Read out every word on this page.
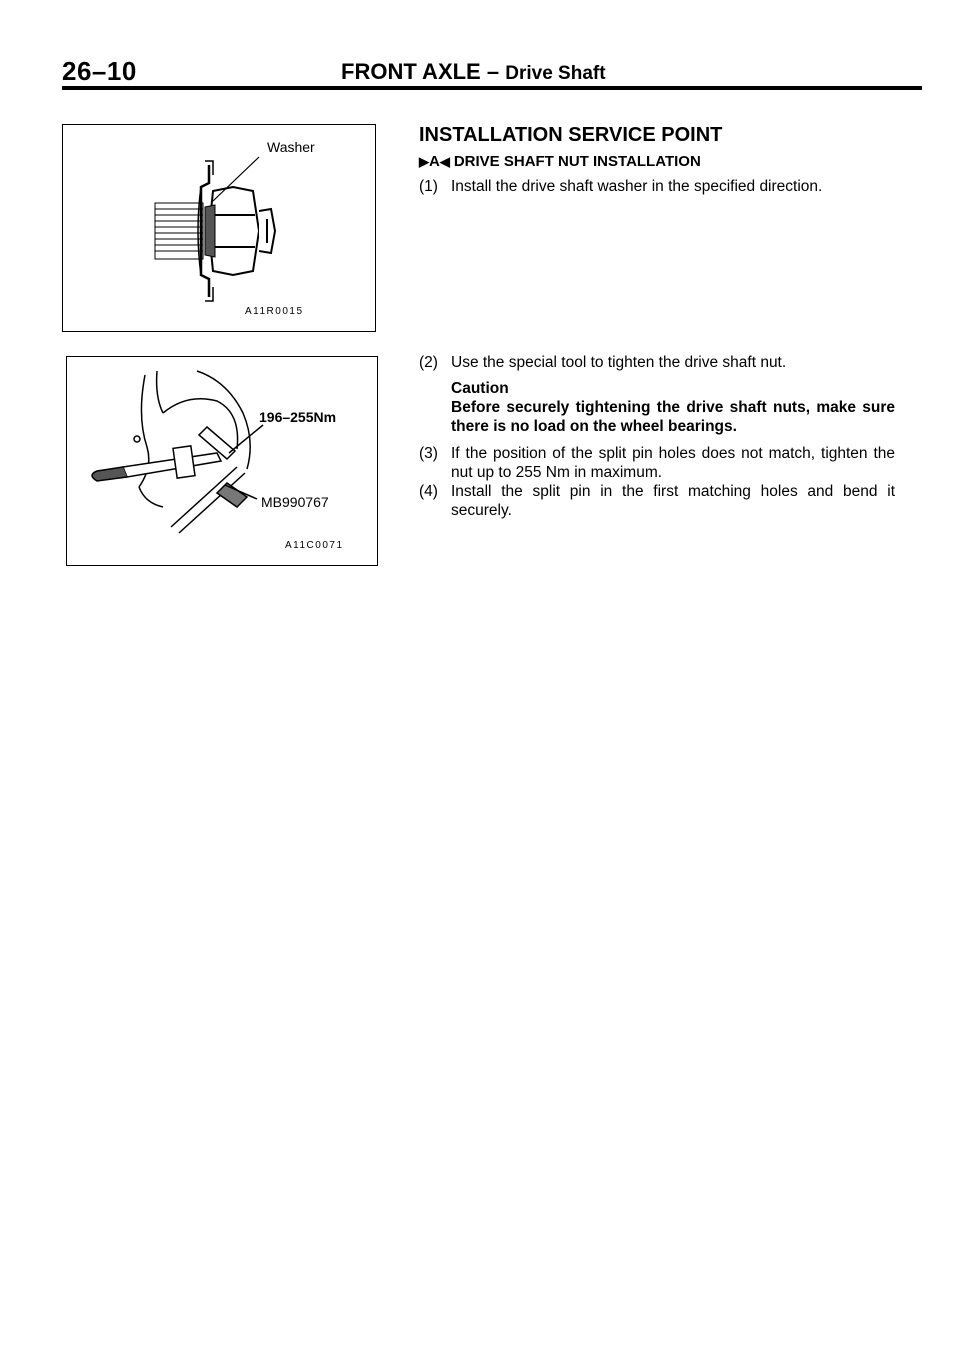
26–10	FRONT AXLE – Drive Shaft
Washer
A11R0015
196–255Nm
MB990767
A11C0071
INSTALLATION SERVICE POINT
▶ A ◀ DRIVE SHAFT NUT INSTALLATION
(1) Install the drive shaft washer in the specified direction.
(2) Use the special tool to tighten the drive shaft nut.
Caution
Before securely tightening the drive shaft nuts, make sure there is no load on the wheel bearings.
(3) If the position of the split pin holes does not match, tighten the nut up to 255 Nm in maximum.
(4) Install the split pin in the first matching holes and bend it securely.
